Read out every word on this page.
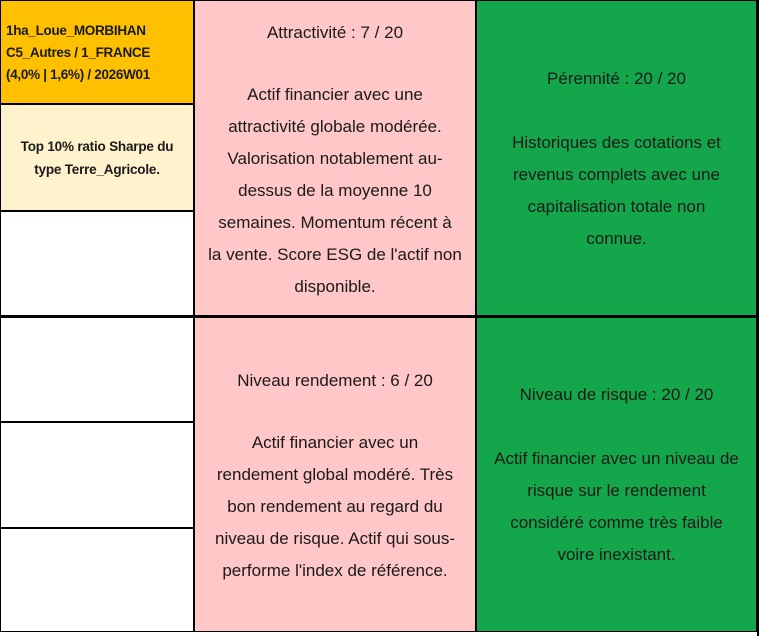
1ha_Loue_MORBIHAN
C5_Autres / 1_FRANCE
(4,0% | 1,6%) / 2026W01
Top 10% ratio Sharpe du
type Terre_Agricole.
Attractivité : 7 / 20
Actif financier avec une
attractivité globale modérée.
Valorisation notablement au-
dessus de la moyenne 10
semaines. Momentum récent à
la vente. Score ESG de l'actif non
disponible.
Pérennité : 20 / 20
Historiques des cotations et
revenus complets avec une
capitalisation totale non
connue.
Niveau rendement : 6 / 20
Actif financier avec un
rendement global modéré. Très
bon rendement au regard du
niveau de risque. Actif qui sous-
performe l'index de référence.
Niveau de risque : 20 / 20
Actif financier avec un niveau de
risque sur le rendement
considéré comme très faible
voire inexistant.
